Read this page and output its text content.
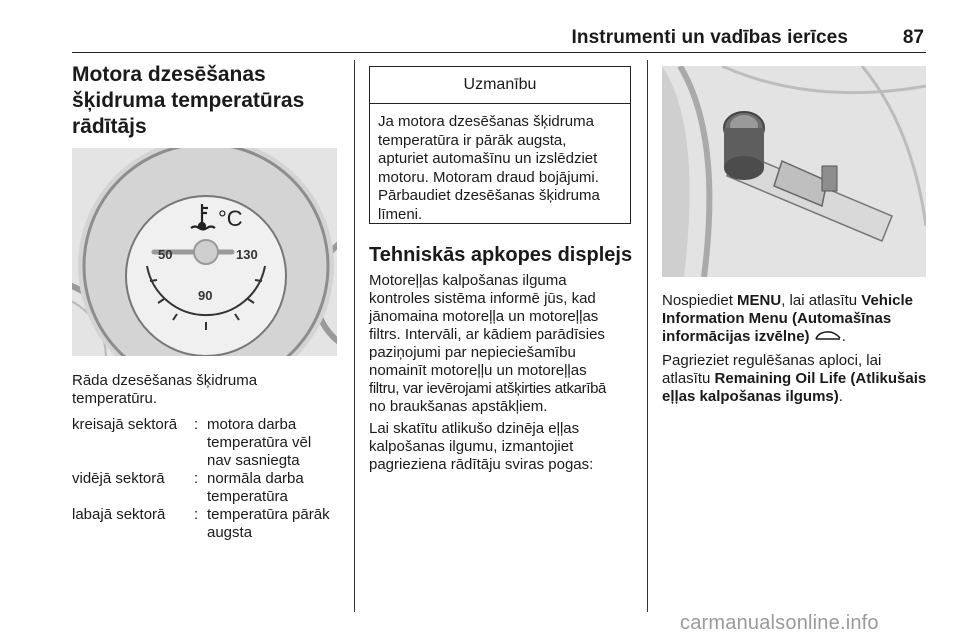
Instrumenti un vadības ierīces	87
Motora dzesēšanas
šķidruma temperatūras
rādītājs
°C
50	130
90

Rāda dzesēšanas šķidruma
temperatūru.

kreisajā sektorā	: motora darba
temperatūra vēl
nav sasniegta
vidējā sektorā	: normāla darba
temperatūra
labajā sektorā	: temperatūra pārāk
augsta
Uzmanību
Ja motora dzesēšanas šķidruma
temperatūra ir pārāk augsta,
apturiet automašīnu un izslēdziet
motoru. Motoram draud bojājumi.
Pārbaudiet dzesēšanas šķidruma
līmeni.
Tehniskās apkopes displejs

Motoreļļas kalpošanas ilguma
kontroles sistēma informē jūs, kad
jānomaina motoreļļa un motoreļļas
filtrs. Intervāli, ar kādiem parādīsies
paziņojumi par nepieciešamību
nomainīt motoreļļu un motoreļļas
filtru, var ievērojami atšķirties atkarībā
no braukšanas apstākļiem.

Lai skatītu atlikušo dzinēja eļļas
kalpošanas ilgumu, izmantojiet
pagrieziena rādītāju sviras pogas:

Nospiediet MENU, lai atlasītu Vehicle
Information Menu (Automašīnas
informācijas izvēlne) .

Pagrieziet regulēšanas aploci, lai
atlasītu Remaining Oil Life (Atlikušais
eļļas kalpošanas ilgums).

carmanualsonline.info
